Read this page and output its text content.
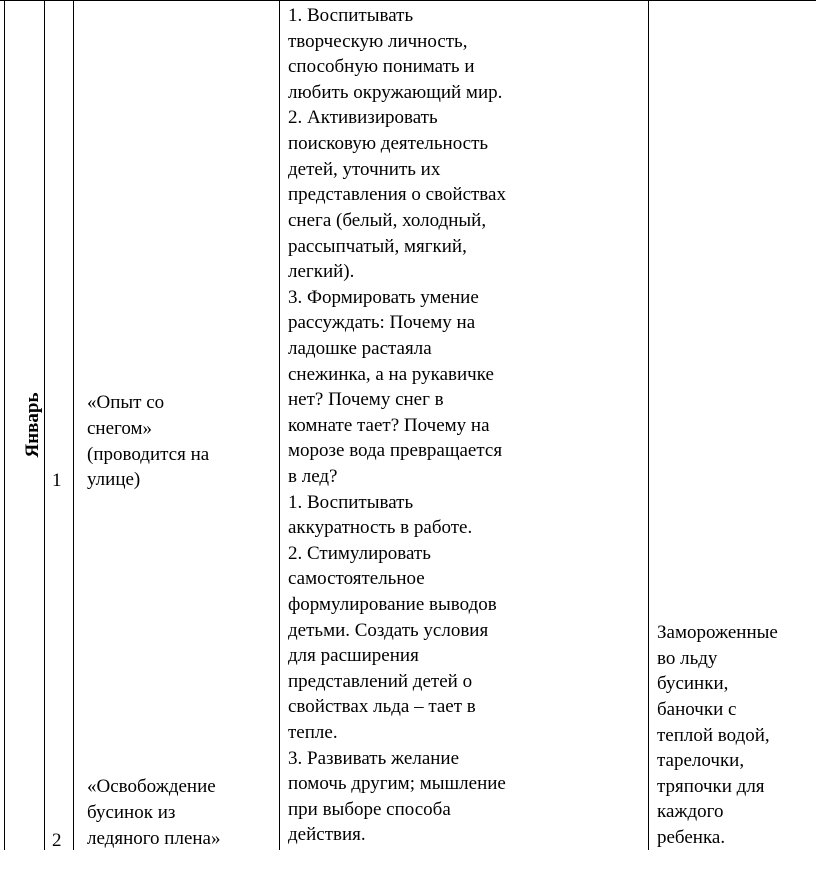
Январь
1
2
«Опыт со
снегом»
(проводится на
улице)
«Освобождение
бусинок из
ледяного плена»
1. Воспитывать
творческую личность,
способную понимать и
любить окружающий мир.
2. Активизировать
поисковую деятельность
детей, уточнить их
представления о свойствах
снега (белый, холодный,
рассыпчатый, мягкий,
легкий).
3. Формировать умение
рассуждать: Почему на
ладошке растаяла
снежинка, а на рукавичке
нет? Почему снег в
комнате тает? Почему на
морозе вода превращается
в лед?
1. Воспитывать
аккуратность в работе.
2. Стимулировать
самостоятельное
формулирование выводов
детьми. Создать условия
для расширения
представлений детей о
свойствах льда – тает в
тепле.
3. Развивать желание
помочь другим; мышление
при выборе способа
действия.
Замороженные
во льду
бусинки,
баночки с
теплой водой,
тарелочки,
тряпочки для
каждого
ребенка.
